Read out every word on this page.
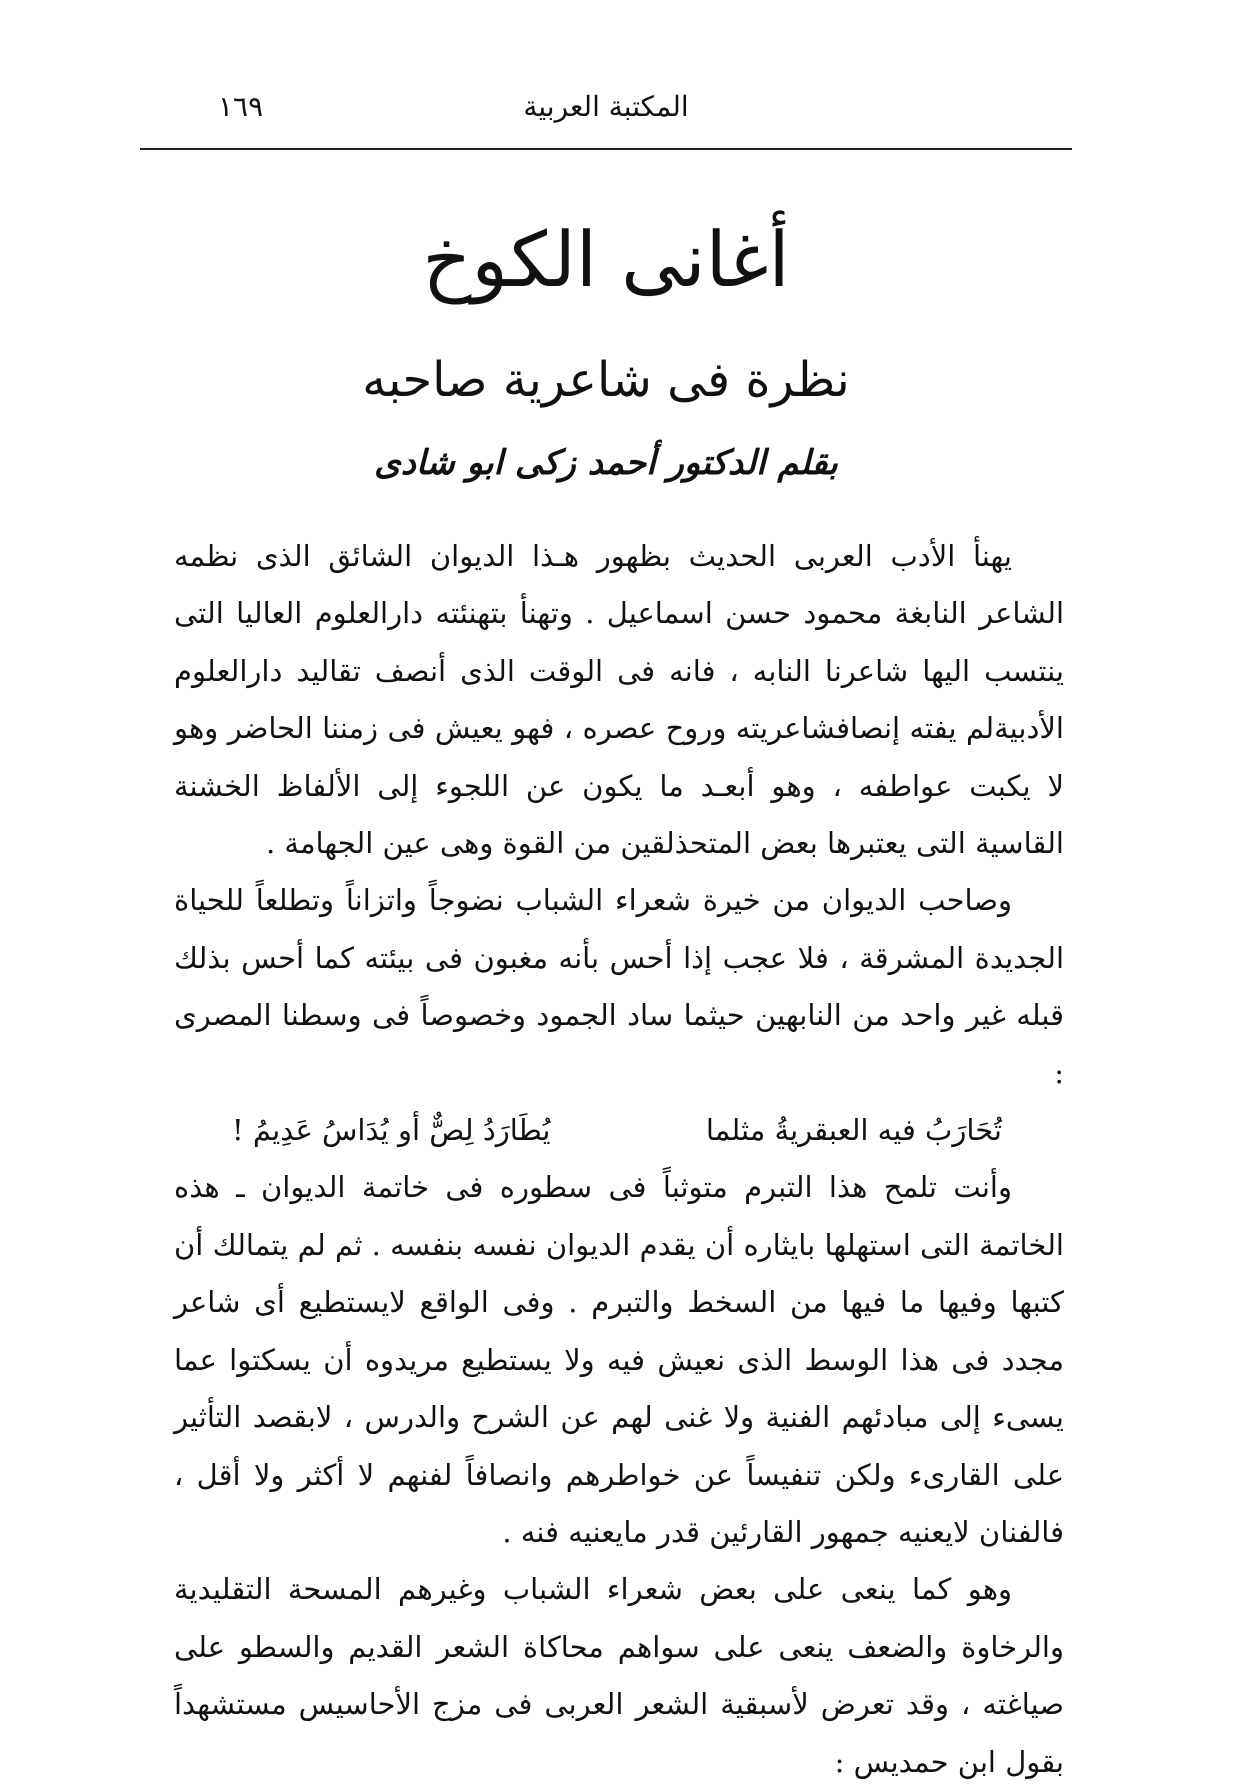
المكتبة العربية
١٦٩
أغانى الكوخ
نظرة فى شاعرية صاحبه
بقلم الدكتور أحمد زكى ابو شادى

يهنأ الأدب العربى الحديث بظهور هـذا الديوان الشائق الذى نظمه الشاعر النابغة محمود حسن اسماعيل . وتهنأ بتهنئته دارالعلوم العاليا التى ينتسب اليها شاعرنا النابه ، فانه فى الوقت الذى أنصف تقاليد دارالعلوم الأدبيةلم يفته إنصافشاعريته وروح عصره ، فهو يعيش فى زمننا الحاضر وهو لا يكبت عواطفه ، وهو أبعـد ما يكون عن اللجوء إلى الألفاظ الخشنة القاسية التى يعتبرها بعض المتحذلقين من القوة وهى عين الجهامة .

وصاحب الديوان من خيرة شعراء الشباب نضوجاً واتزاناً وتطلعاً للحياة الجديدة المشرقة ، فلا عجب إذا أحس بأنه مغبون فى بيئته كما أحس بذلك قبله غير واحد من النابهين حيثما ساد الجمود وخصوصاً فى وسطنا المصرى :

تُحَارَبُ فيه العبقريةُ مثلما
يُطَارَدُ لِصٌّ أو يُدَاسُ عَدِيمُ !

وأنت تلمح هذا التبرم متوثباً فى سطوره فى خاتمة الديوان ـ هذه الخاتمة التى استهلها بايثاره أن يقدم الديوان نفسه بنفسه . ثم لم يتمالك أن كتبها وفيها ما فيها من السخط والتبرم . وفى الواقع لايستطيع أى شاعر مجدد فى هذا الوسط الذى نعيش فيه ولا يستطيع مريدوه أن يسكتوا عما يسىء إلى مبادئهم الفنية ولا غنى لهم عن الشرح والدرس ، لابقصد التأثير على القارىء ولكن تنفيساً عن خواطرهم وانصافاً لفنهم لا أكثر ولا أقل ، فالفنان لايعنيه جمهور القارئين قدر مايعنيه فنه .

وهو كما ينعى على بعض شعراء الشباب وغيرهم المسحة التقليدية والرخاوة والضعف ينعى على سواهم محاكاة الشعر القديم والسطو على صياغته ، وقد تعرض لأسبقية الشعر العربى فى مزج الأحاسيس مستشهداً بقول ابن حمديس :
